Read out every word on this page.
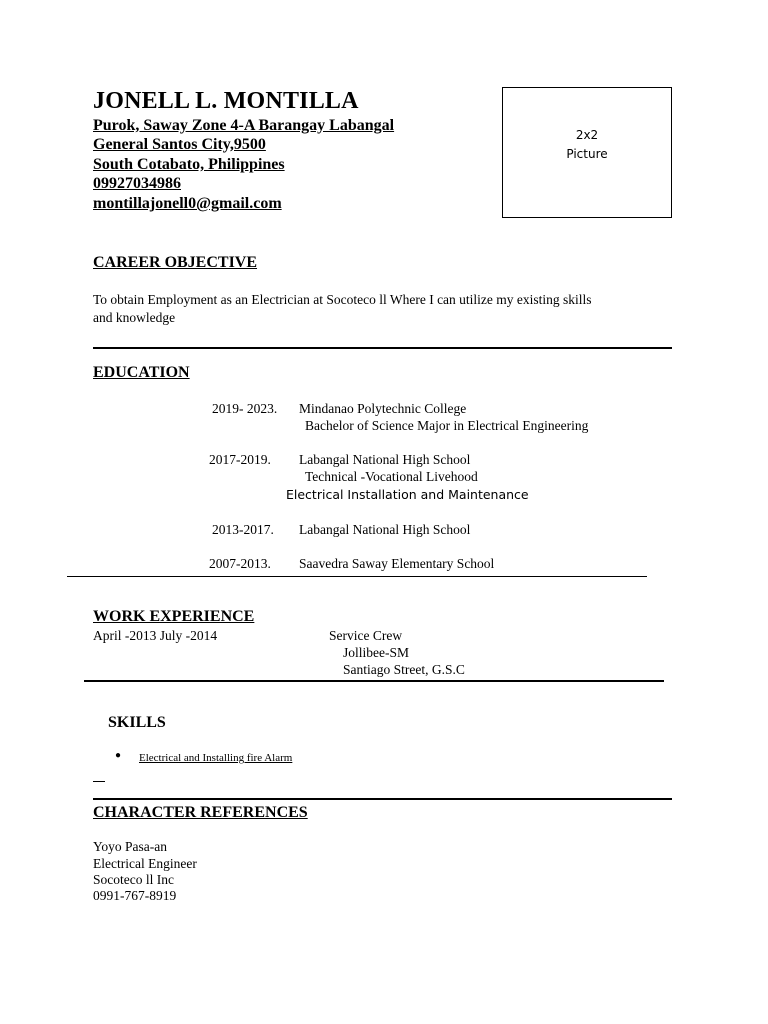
JONELL L. MONTILLA
Purok, Saway Zone 4-A Barangay Labangal
General Santos City,9500
South Cotabato, Philippines
09927034986
montillajonell0@gmail.com
2x2
Picture
CAREER OBJECTIVE
To obtain Employment as an Electrician at Socoteco ll Where I can utilize my existing skills
and knowledge
EDUCATION
2019- 2023. Mindanao Polytechnic College
Bachelor of Science Major in Electrical Engineering
2017-2019. Labangal National High School
Technical -Vocational Livehood
Electrical Installation and Maintenance
2013-2017. Labangal National High School
2007-2013. Saavedra Saway Elementary School
WORK EXPERIENCE
April -2013 July -2014	Service Crew
Jollibee-SM
Santiago Street, G.S.C
SKILLS
● Electrical and Installing fire Alarm
CHARACTER REFERENCES
Yoyo Pasa-an
Electrical Engineer
Socoteco ll Inc
0991-767-8919
